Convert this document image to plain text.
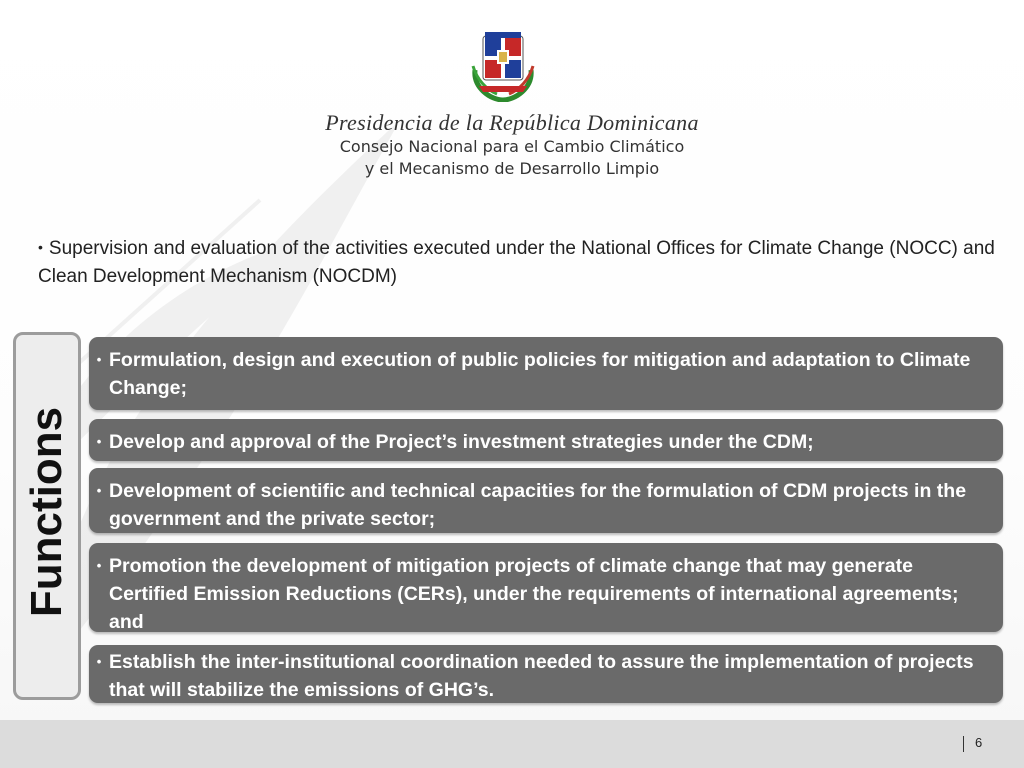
Presidencia de la República Dominicana
Consejo Nacional para el Cambio Climático
y el Mecanismo de Desarrollo Limpio
• Supervision and evaluation of the activities executed under the National Offices for Climate Change (NOCC) and Clean Development Mechanism (NOCDM)
Functions
• Formulation, design and execution of public policies for mitigation and adaptation to Climate Change;
• Develop and approval of the Project’s investment strategies under the CDM;
• Development of scientific and technical capacities for the formulation of CDM projects in the government and the private sector;
• Promotion the development of mitigation projects of climate change that may generate Certified Emission Reductions (CERs), under the requirements of international agreements; and
• Establish the inter-institutional coordination needed to assure the implementation of projects that will stabilize the emissions of GHG’s.
6
